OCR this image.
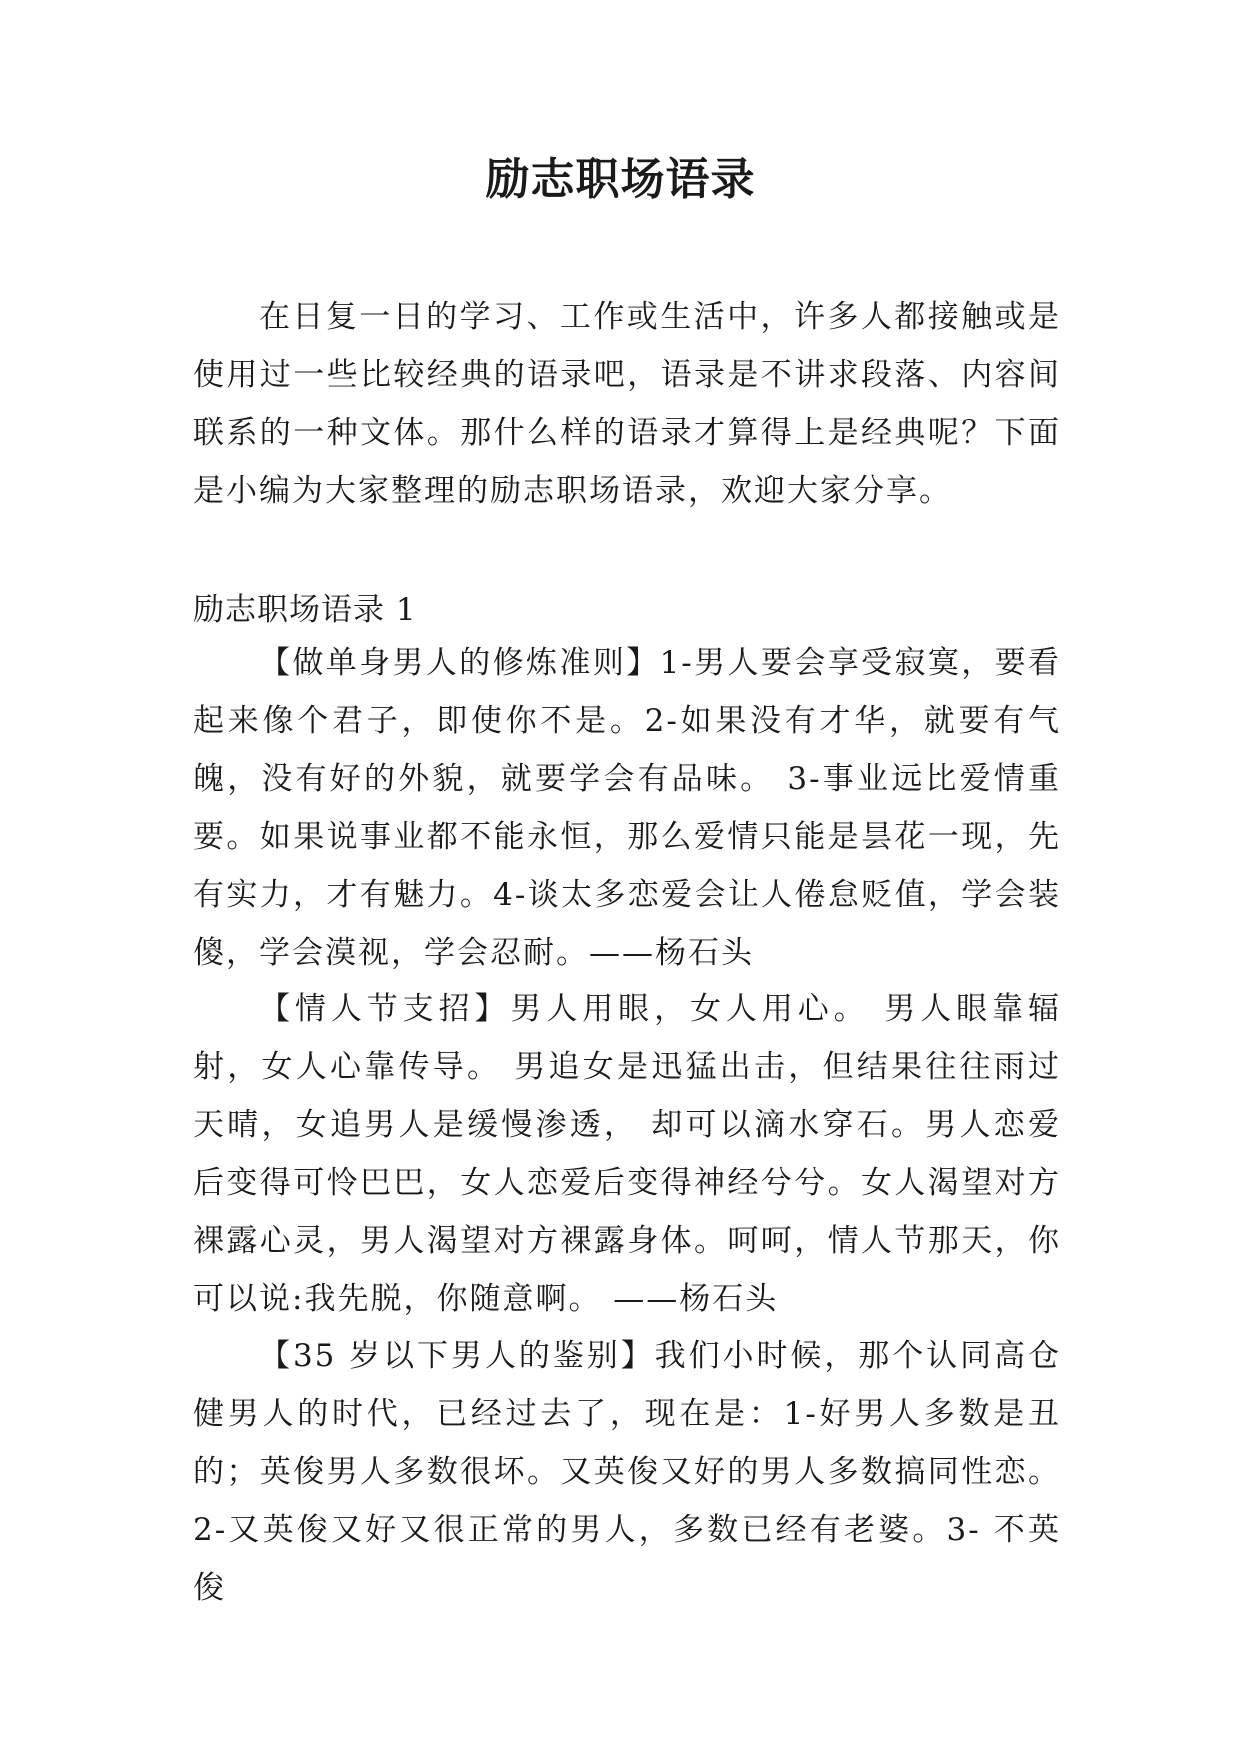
励志职场语录

在日复一日的学习、工作或生活中，许多人都接触或是使用过一些比较经典的语录吧，语录是不讲求段落、内容间联系的一种文体。那什么样的语录才算得上是经典呢？下面是小编为大家整理的励志职场语录，欢迎大家分享。

励志职场语录 1

【做单身男人的修炼准则】1-男人要会享受寂寞，要看起来像个君子，即使你不是。2-如果没有才华，就要有气魄，没有好的外貌，就要学会有品味。 3-事业远比爱情重要。如果说事业都不能永恒，那么爱情只能是昙花一现，先有实力，才有魅力。4-谈太多恋爱会让人倦怠贬值，学会装傻，学会漠视，学会忍耐。——杨石头

【情人节支招】男人用眼，女人用心。 男人眼靠辐射，女人心靠传导。 男追女是迅猛出击，但结果往往雨过天晴，女追男人是缓慢渗透， 却可以滴水穿石。男人恋爱后变得可怜巴巴，女人恋爱后变得神经兮兮。女人渴望对方裸露心灵，男人渴望对方裸露身体。呵呵，情人节那天，你可以说:我先脱，你随意啊。 ——杨石头

【35 岁以下男人的鉴别】我们小时候，那个认同高仓健男人的时代，已经过去了，现在是：1-好男人多数是丑的；英俊男人多数很坏。又英俊又好的男人多数搞同性恋。 2-又英俊又好又很正常的男人，多数已经有老婆。3- 不英俊
